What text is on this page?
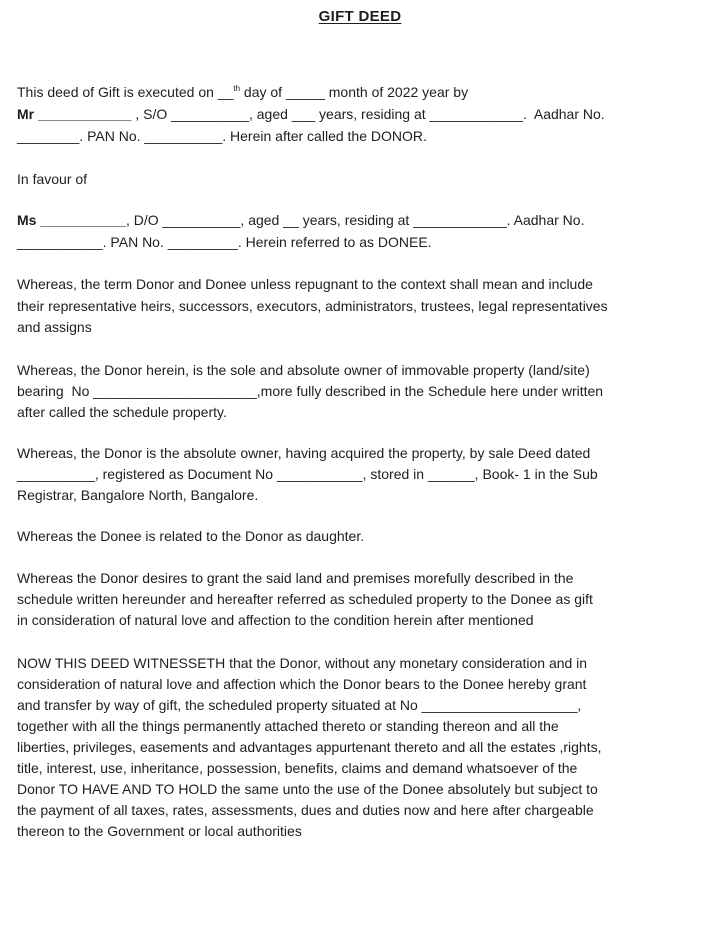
GIFT DEED
This deed of Gift is executed on __$^{th}$ day of _____ month of 2022 year by
Mr ____________ , S/O __________, aged ___ years, residing at ____________.  Aadhar No.
________. PAN No. __________. Herein after called the DONOR.
In favour of
Ms ___________, D/O __________, aged __ years, residing at ____________. Aadhar No.
___________. PAN No. _________. Herein referred to as DONEE.
Whereas, the term Donor and Donee unless repugnant to the context shall mean and include
their representative heirs, successors, executors, administrators, trustees, legal representatives
and assigns
Whereas, the Donor herein, is the sole and absolute owner of immovable property (land/site)
bearing  No _____________________,more fully described in the Schedule here under written
after called the schedule property.
Whereas, the Donor is the absolute owner, having acquired the property, by sale Deed dated
__________, registered as Document No ___________, stored in ______, Book- 1 in the Sub
Registrar, Bangalore North, Bangalore.
Whereas the Donee is related to the Donor as daughter.
Whereas the Donor desires to grant the said land and premises morefully described in the
schedule written hereunder and hereafter referred as scheduled property to the Donee as gift
in consideration of natural love and affection to the condition herein after mentioned
NOW THIS DEED WITNESSETH that the Donor, without any monetary consideration and in
consideration of natural love and affection which the Donor bears to the Donee hereby grant
and transfer by way of gift, the scheduled property situated at No ____________________,
together with all the things permanently attached thereto or standing thereon and all the
liberties, privileges, easements and advantages appurtenant thereto and all the estates ,rights,
title, interest, use, inheritance, possession, benefits, claims and demand whatsoever of the
Donor TO HAVE AND TO HOLD the same unto the use of the Donee absolutely but subject to
the payment of all taxes, rates, assessments, dues and duties now and here after chargeable
thereon to the Government or local authorities
